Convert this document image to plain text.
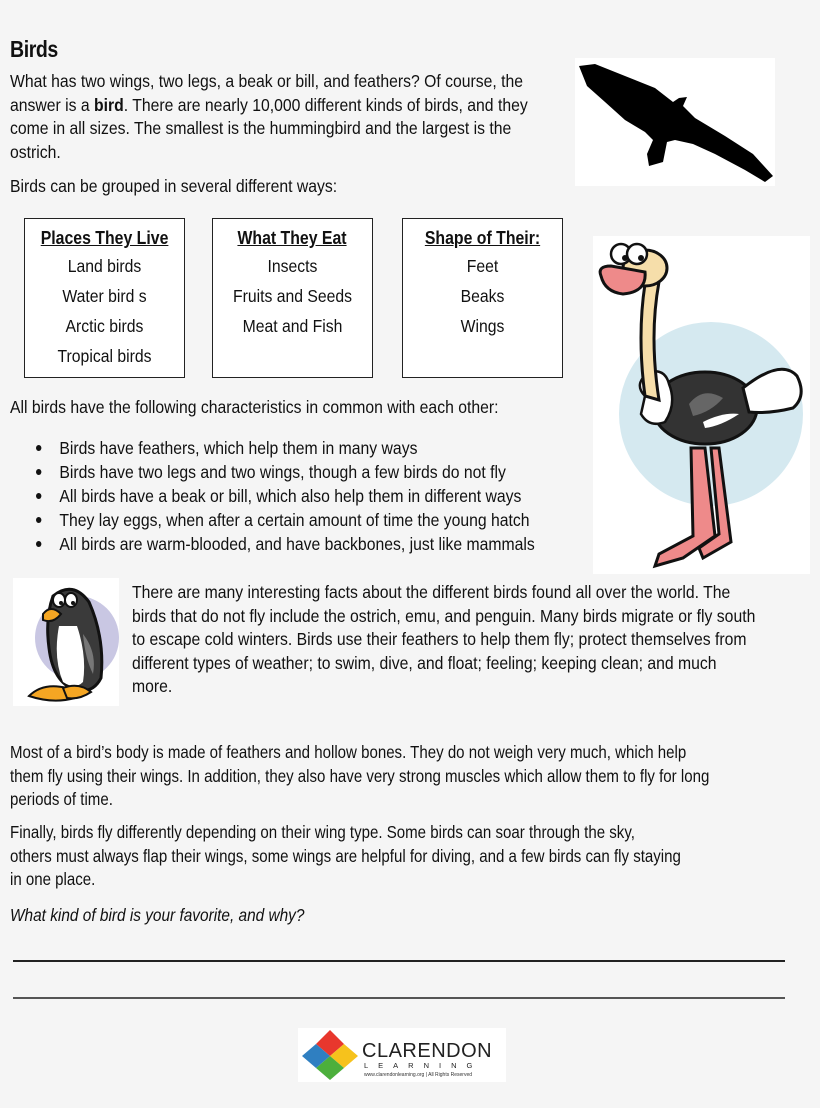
Birds

What has two wings, two legs, a beak or bill, and feathers? Of course, the
answer is a bird. There are nearly 10,000 different kinds of birds, and they
come in all sizes. The smallest is the hummingbird and the largest is the
ostrich.

Birds can be grouped in several different ways:

Places They Live
Land birds
Water bird s
Arctic birds
Tropical birds
What They Eat
Insects
Fruits and Seeds
Meat and Fish
Shape of Their:
Feet
Beaks
Wings

All birds have the following characteristics in common with each other:

Birds have feathers, which help them in many ways
Birds have two legs and two wings, though a few birds do not fly
All birds have a beak or bill, which also help them in different ways
They lay eggs, when after a certain amount of time the young hatch
All birds are warm-blooded, and have backbones, just like mammals

There are many interesting facts about the different birds found all over the world. The
birds that do not fly include the ostrich, emu, and penguin. Many birds migrate or fly south
to escape cold winters. Birds use their feathers to help them fly; protect themselves from
different types of weather; to swim, dive, and float; feeling; keeping clean; and much
more.

Most of a bird’s body is made of feathers and hollow bones. They do not weigh very much, which help
them fly using their wings. In addition, they also have very strong muscles which allow them to fly for long
periods of time.

Finally, birds fly differently depending on their wing type. Some birds can soar through the sky,
others must always flap their wings, some wings are helpful for diving, and a few birds can fly staying
in one place.

What kind of bird is your favorite, and why?

CLARENDON
LEARNING
www.clarendonlearning.org | All Rights Reserved
